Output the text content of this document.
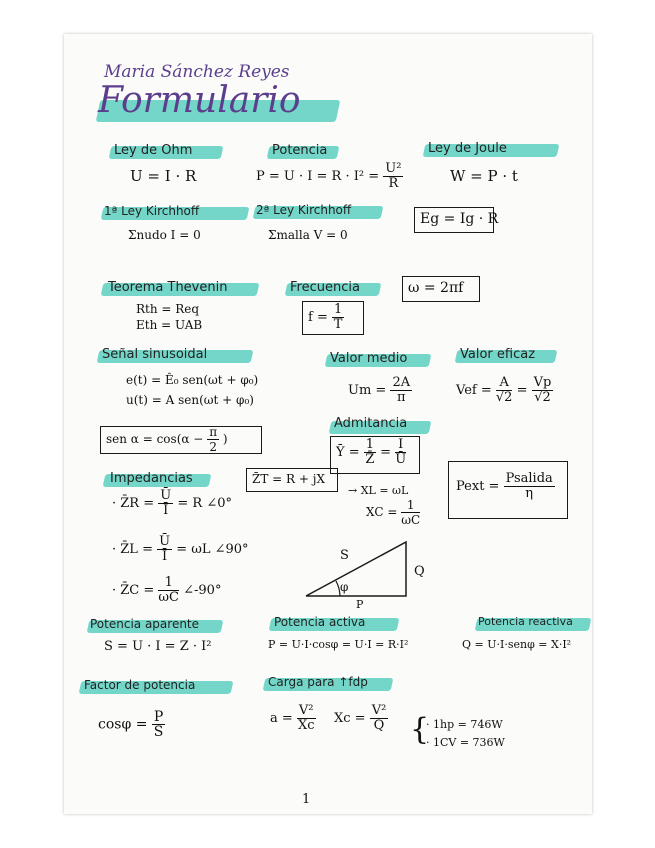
Maria Sánchez Reyes
Formulario
Ley de Ohm
U = I · R
Potencia
$P = U \cdot I = R \cdot I^2 = \frac{\text{U²}}{R}$
Ley de Joule
W = P · t
1ª Ley Kirchhoff
Σnudo I = 0
2ª Ley Kirchhoff
Σmalla V = 0
Eg = Ig · R
Teorema Thevenin
Rth = Req
Eth = UAB
Frecuencia
$f = \frac{1}{T}$
ω = 2πf
Señal sinusoidal
e(t) = Ê₀ sen(ωt + φ₀)
u(t) = A sen(ωt + φ₀)
Valor medio
$Um = \frac{2A}{\pi}$
Valor eficaz
Vef = $\frac{A}{√2} = \frac{Vp}{√2}$
sen $\alpha = \cos(\alpha - \frac{\pi}{2}$ )
Admitancia
Ȳ = $\frac{1}{Z̄} = \frac{Ī}{Ū}$
Impedancias	Z̄T = R + jX
· Z̄R = $\frac{Ū}{Ī} = R$ ∠0°
· Z̄L = $\frac{Ū}{Ī} = \omega L$ ∠90°
· Z̄C = $\frac{1}{\omega C}$ ∠-90°
→ XL = ωL
XC = $\frac{1}{\omega C}$
Pext = $\frac{\text{Psalida}}{\eta}$
S
Q
P
φ
Potencia aparente
S = U · I = Z · I²
Potencia activa
P = U·I·cosφ = U·I = R·I²
Potencia reactiva
Q = U·I·senφ = X·I²
Factor de potencia
$\cos\varphi = \frac{P}{S}$
Carga para ↑fdp
$a = \frac{\text{V²}}{Xc}$ $Xc = \frac{\text{V²}}{Q}$ {
· 1hp = 746W
· 1CV = 736W
1
